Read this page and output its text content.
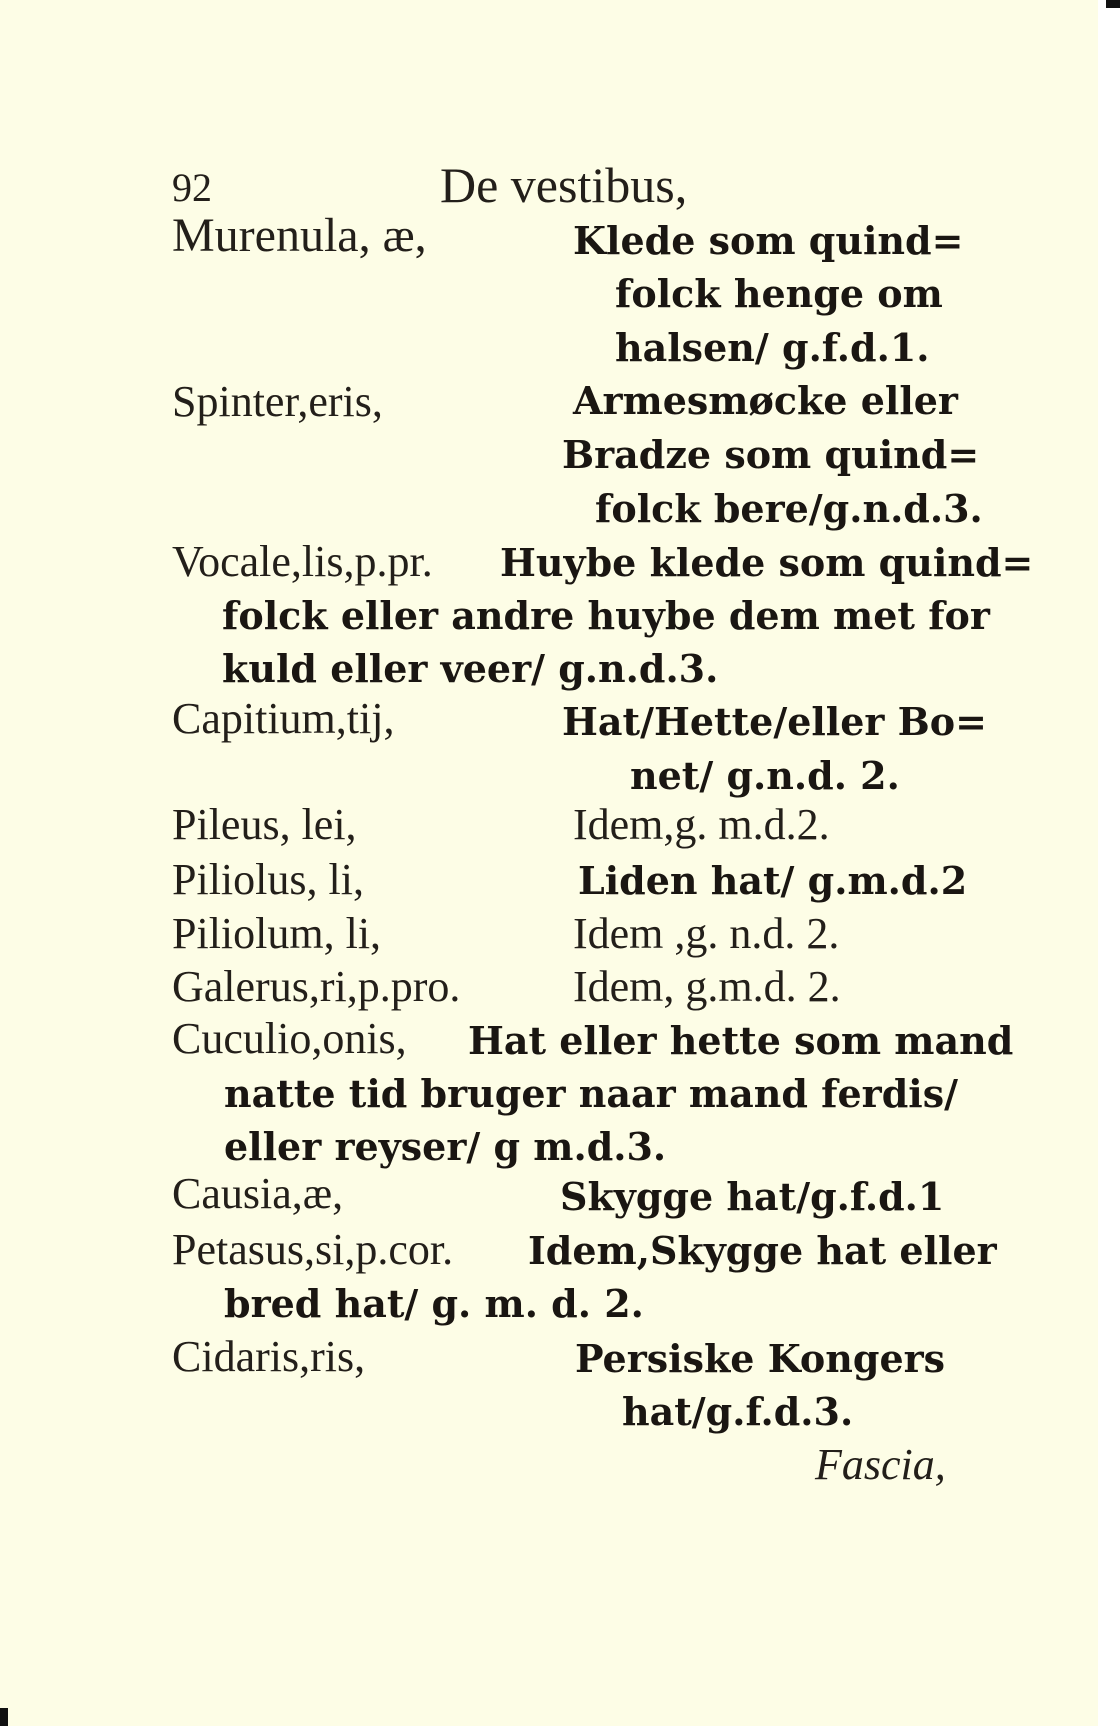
92	De vestibus,
Murenula, æ,	Klede som quind=
folck henge om
halsen/ g.f.d.1.
Spinter,eris,	Armesmøcke eller
Bradze som quind=
folck bere/g.n.d.3.
Vocale,lis,p.pr. Huybe klede som quind=
folck eller andre huybe dem met for
kuld eller veer/ g.n.d.3.
Capitium,tij,	Hat/Hette/eller Bo=
net/ g.n.d. 2.
Pileus, lei,	Idem,g. m.d.2.
Piliolus, li,	Liden hat/ g.m.d.2
Piliolum, li,	Idem ,g. n.d. 2.
Galerus,ri,p.pro.	Idem, g.m.d. 2.
Cuculio,onis, Hat eller hette som mand
natte tid bruger naar mand ferdis/
eller reyser/ g m.d.3.
Causia,æ,	Skygge hat/g.f.d.1
Petasus,si,p.cor. Idem,Skygge hat eller
bred hat/ g. m. d. 2.
Cidaris,ris,	Persiske Kongers
hat/g.f.d.3.
Fascia,
